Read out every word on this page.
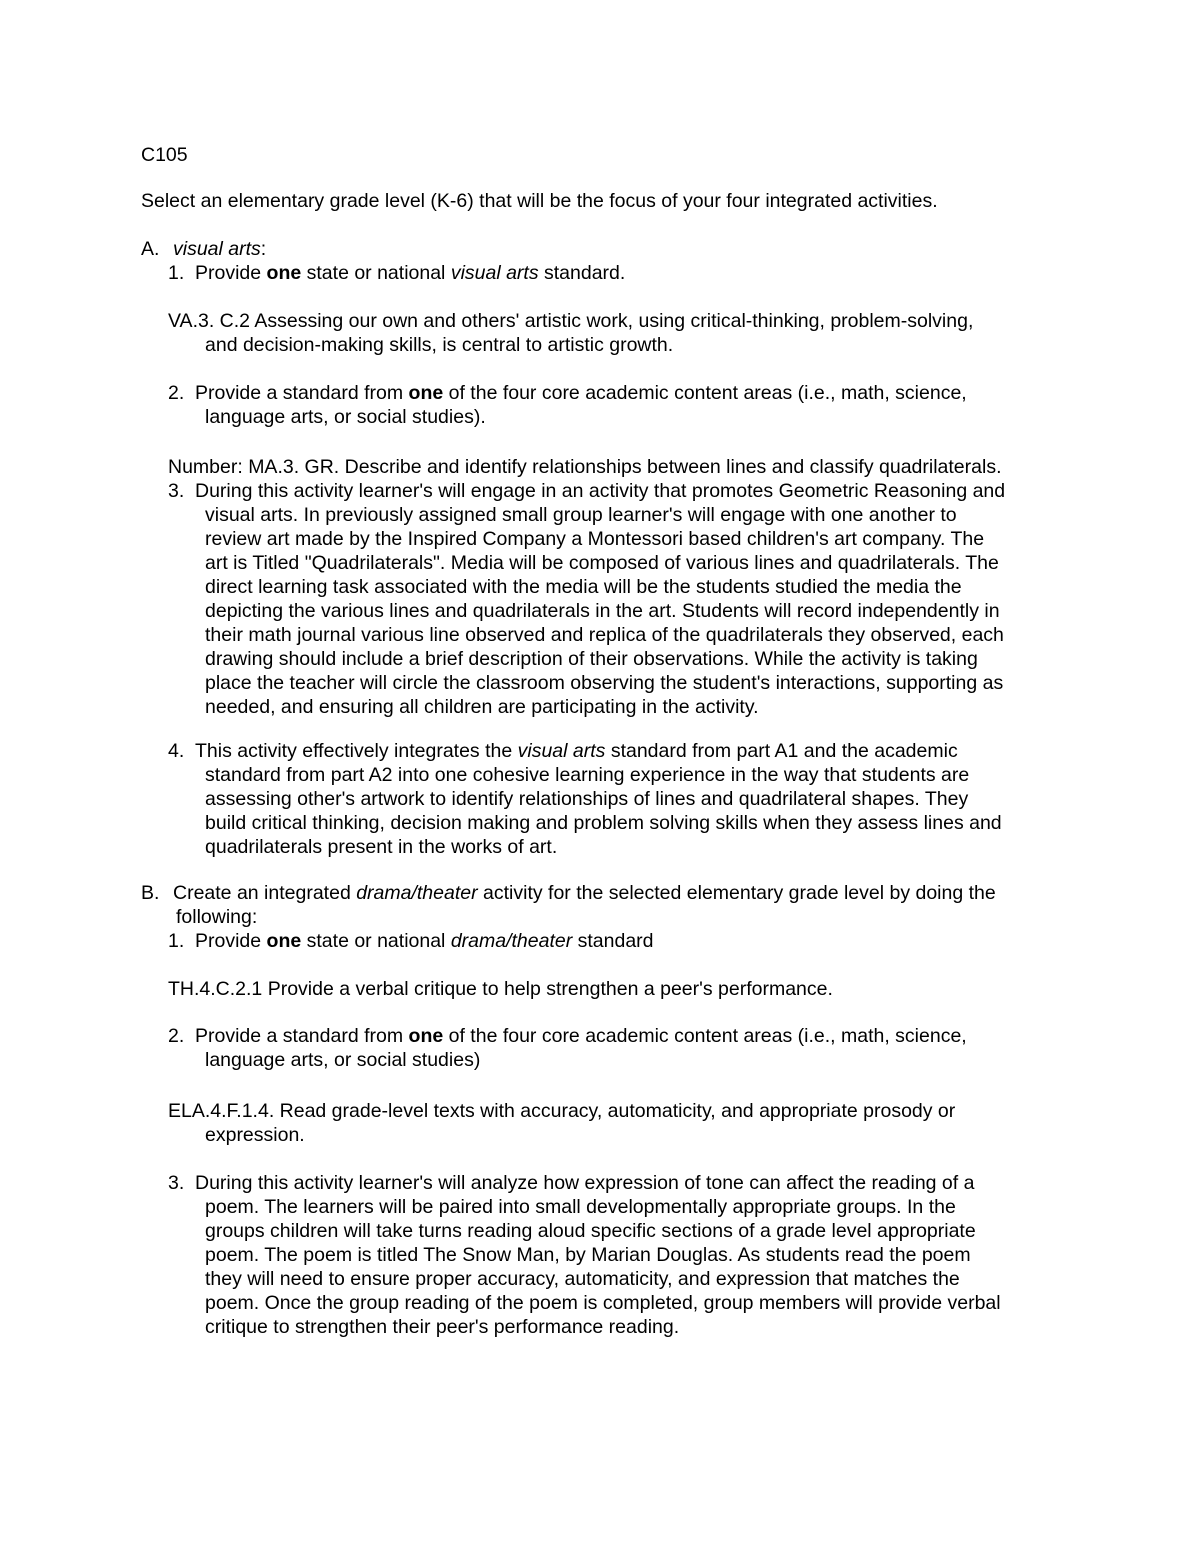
C105
Select an elementary grade level (K-6) that will be the focus of your four integrated activities.
A. visual arts:
1. Provide one state or national visual arts standard.
VA.3. C.2 Assessing our own and others' artistic work, using critical-thinking, problem-solving,
and decision-making skills, is central to artistic growth.
2. Provide a standard from one of the four core academic content areas (i.e., math, science,
language arts, or social studies).
Number: MA.3. GR. Describe and identify relationships between lines and classify quadrilaterals.
3. During this activity learner's will engage in an activity that promotes Geometric Reasoning and
visual arts. In previously assigned small group learner's will engage with one another to
review art made by the Inspired Company a Montessori based children's art company. The
art is Titled "Quadrilaterals". Media will be composed of various lines and quadrilaterals. The
direct learning task associated with the media will be the students studied the media the
depicting the various lines and quadrilaterals in the art. Students will record independently in
their math journal various line observed and replica of the quadrilaterals they observed, each
drawing should include a brief description of their observations. While the activity is taking
place the teacher will circle the classroom observing the student's interactions, supporting as
needed, and ensuring all children are participating in the activity.
4. This activity effectively integrates the visual arts standard from part A1 and the academic
standard from part A2 into one cohesive learning experience in the way that students are
assessing other's artwork to identify relationships of lines and quadrilateral shapes. They
build critical thinking, decision making and problem solving skills when they assess lines and
quadrilaterals present in the works of art.
B. Create an integrated drama/theater activity for the selected elementary grade level by doing the
following:
1. Provide one state or national drama/theater standard
TH.4.C.2.1 Provide a verbal critique to help strengthen a peer's performance.
2. Provide a standard from one of the four core academic content areas (i.e., math, science,
language arts, or social studies)
ELA.4.F.1.4. Read grade-level texts with accuracy, automaticity, and appropriate prosody or
expression.
3. During this activity learner's will analyze how expression of tone can affect the reading of a
poem. The learners will be paired into small developmentally appropriate groups. In the
groups children will take turns reading aloud specific sections of a grade level appropriate
poem. The poem is titled The Snow Man, by Marian Douglas. As students read the poem
they will need to ensure proper accuracy, automaticity, and expression that matches the
poem. Once the group reading of the poem is completed, group members will provide verbal
critique to strengthen their peer's performance reading.
